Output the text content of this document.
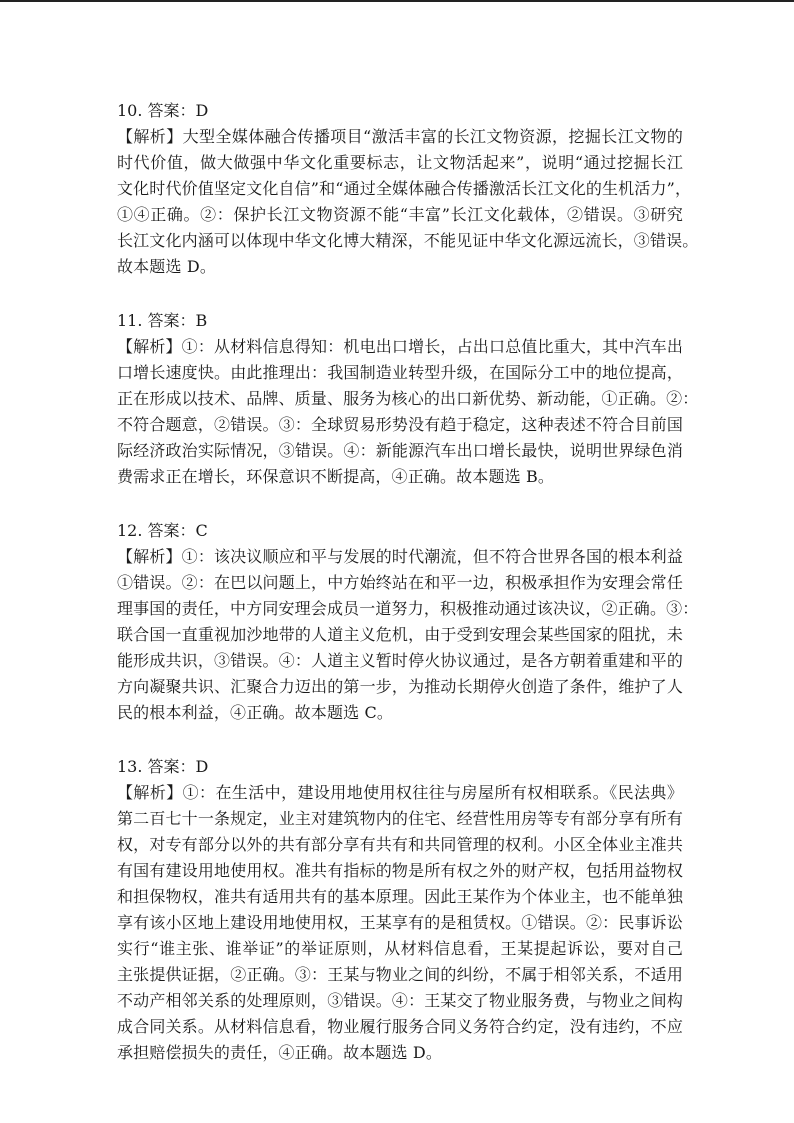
10. 答案：D
【解析】大型全媒体融合传播项目“激活丰富的长江文物资源，挖掘长江文物的
时代价值，做大做强中华文化重要标志，让文物活起来”，说明“通过挖掘长江
文化时代价值坚定文化自信”和“通过全媒体融合传播激活长江文化的生机活力”，
①④正确。②：保护长江文物资源不能“丰富”长江文化载体，②错误。③研究
长江文化内涵可以体现中华文化博大精深，不能见证中华文化源远流长，③错误。
故本题选 D。
11. 答案：B
【解析】①：从材料信息得知：机电出口增长，占出口总值比重大，其中汽车出
口增长速度快。由此推理出：我国制造业转型升级，在国际分工中的地位提高，
正在形成以技术、品牌、质量、服务为核心的出口新优势、新动能，①正确。②：
不符合题意，②错误。③：全球贸易形势没有趋于稳定，这种表述不符合目前国
际经济政治实际情况，③错误。④：新能源汽车出口增长最快，说明世界绿色消
费需求正在增长，环保意识不断提高，④正确。故本题选 B。
12. 答案：C
【解析】①：该决议顺应和平与发展的时代潮流，但不符合世界各国的根本利益
①错误。②：在巴以问题上，中方始终站在和平一边，积极承担作为安理会常任
理事国的责任，中方同安理会成员一道努力，积极推动通过该决议，②正确。③：
联合国一直重视加沙地带的人道主义危机，由于受到安理会某些国家的阻扰，未
能形成共识，③错误。④：人道主义暂时停火协议通过，是各方朝着重建和平的
方向凝聚共识、汇聚合力迈出的第一步，为推动长期停火创造了条件，维护了人
民的根本利益，④正确。故本题选 C。
13. 答案：D
【解析】①：在生活中，建设用地使用权往往与房屋所有权相联系。《民法典》
第二百七十一条规定，业主对建筑物内的住宅、经营性用房等专有部分享有所有
权，对专有部分以外的共有部分享有共有和共同管理的权利。小区全体业主准共
有国有建设用地使用权。准共有指标的物是所有权之外的财产权，包括用益物权
和担保物权，准共有适用共有的基本原理。因此王某作为个体业主，也不能单独
享有该小区地上建设用地使用权，王某享有的是租赁权。①错误。②：民事诉讼
实行“谁主张、谁举证”的举证原则，从材料信息看，王某提起诉讼，要对自己
主张提供证据，②正确。③：王某与物业之间的纠纷，不属于相邻关系，不适用
不动产相邻关系的处理原则，③错误。④：王某交了物业服务费，与物业之间构
成合同关系。从材料信息看，物业履行服务合同义务符合约定，没有违约，不应
承担赔偿损失的责任，④正确。故本题选 D。
